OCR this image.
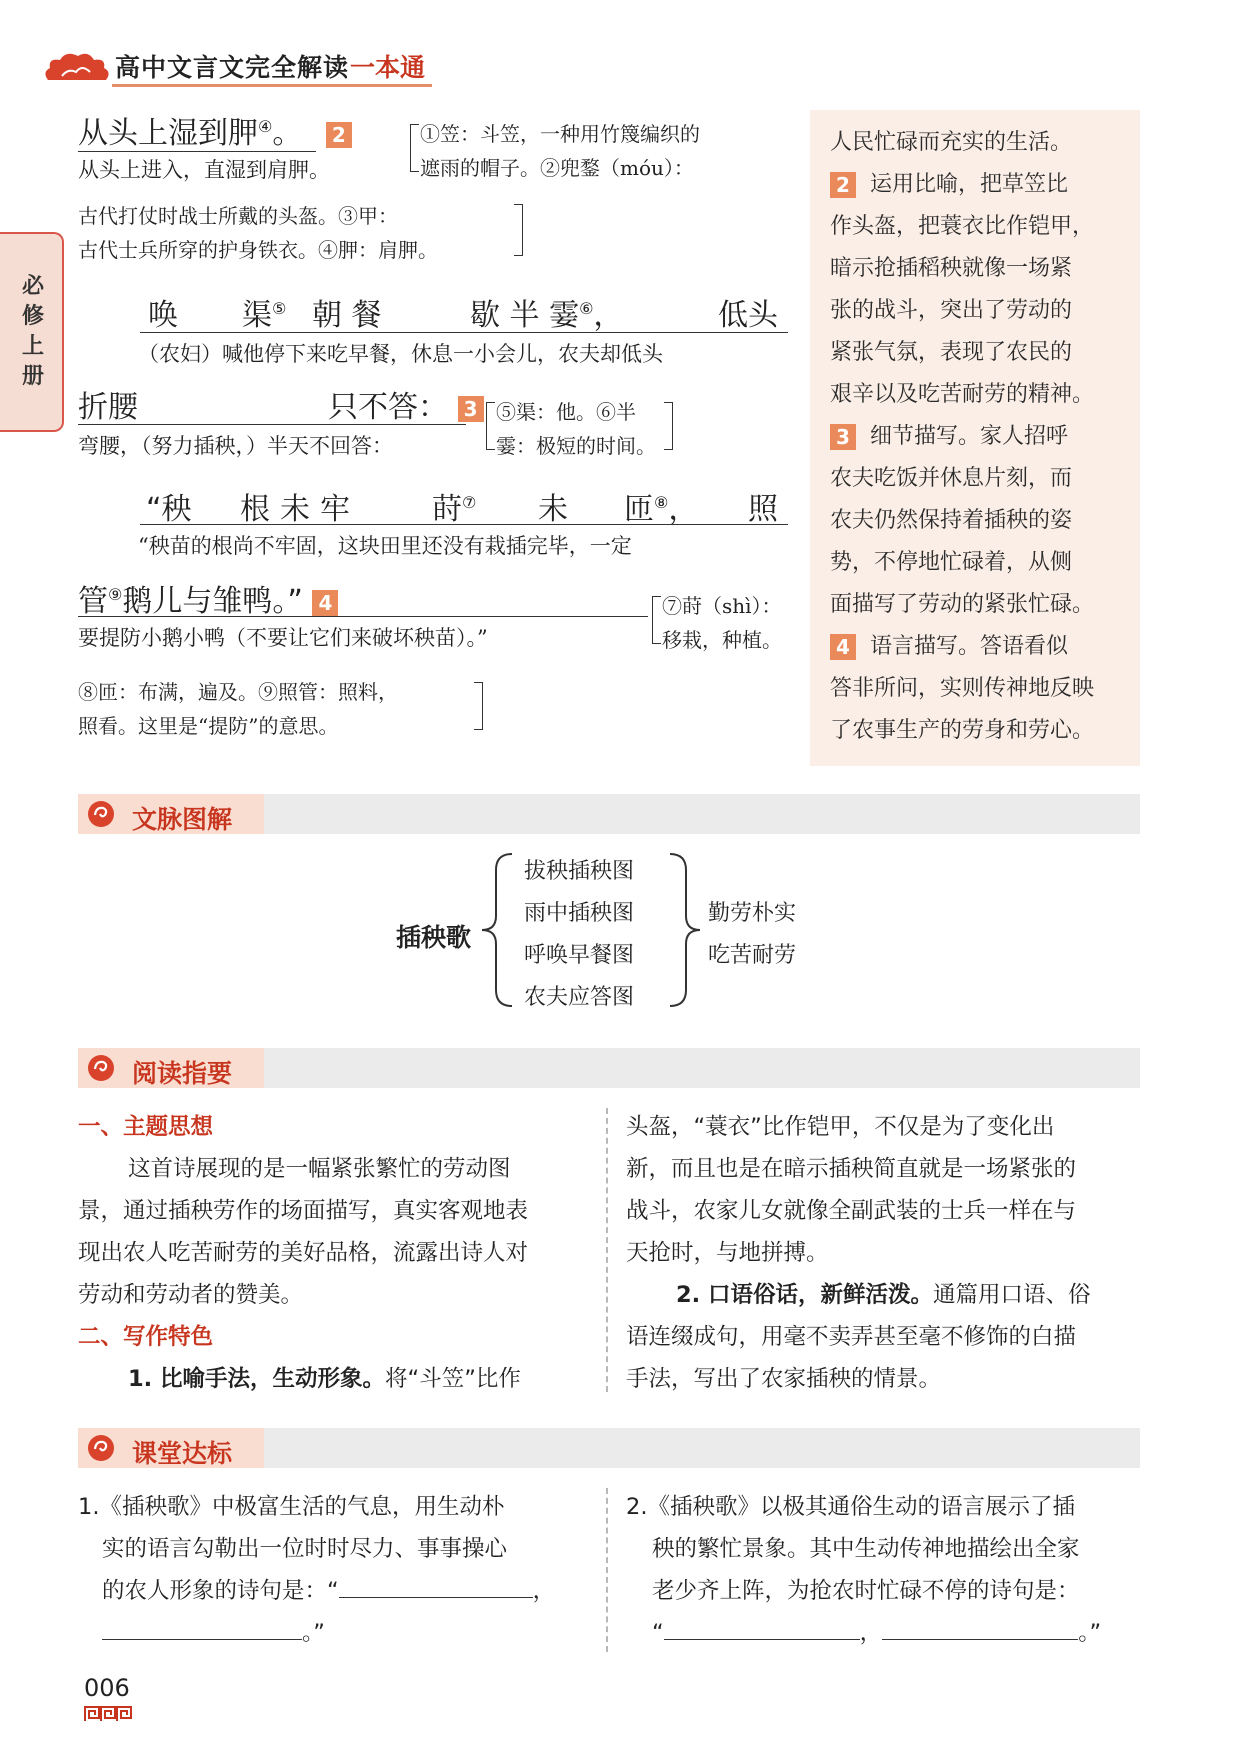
高中文言文完全解读 一本通
必修上册
从头上湿到胛④。 2
从头上进入，直湿到肩胛。
①笠：斗笠，一种用竹篾编织的
遮雨的帽子。②兜鍪（móu）：
古代打仗时战士所戴的头盔。③甲：
古代士兵所穿的护身铁衣。④胛：肩胛。
唤 渠⑤ 朝 餐	歇 半 霎⑥，	低头
（农妇）喊他停下来吃早餐，休息一小会儿，农夫却低头
折腰	只不答： 3
弯腰，（努力插秧，）半天不回答：
⑤渠：他。⑥半
霎：极短的时间。
“秧 根未牢 莳⑦ 未 匝⑧， 照
“秧苗的根尚不牢固，这块田里还没有栽插完毕，一定
管⑨鹅儿与雏鸭。” 4
要提防小鹅小鸭（不要让它们来破坏秧苗）。”
⑦莳（shì）：
移栽，种植。
⑧匝：布满，遍及。⑨照管：照料，
照看。这里是“提防”的意思。
人民忙碌而充实的生活。
2 运用比喻，把草笠比
作头盔，把蓑衣比作铠甲，
暗示抢插稻秧就像一场紧
张的战斗，突出了劳动的
紧张气氛，表现了农民的
艰辛以及吃苦耐劳的精神。
3 细节描写。家人招呼
农夫吃饭并休息片刻，而
农夫仍然保持着插秧的姿
势，不停地忙碌着，从侧
面描写了劳动的紧张忙碌。
4 语言描写。答语看似
答非所问，实则传神地反映
了农事生产的劳身和劳心。
文脉图解
插秧歌
拔秧插秧图
雨中插秧图
呼唤早餐图
农夫应答图
勤劳朴实
吃苦耐劳
阅读指要
一、主题思想
这首诗展现的是一幅紧张繁忙的劳动图
景，通过插秧劳作的场面描写，真实客观地表
现出农人吃苦耐劳的美好品格，流露出诗人对
劳动和劳动者的赞美。
二、写作特色
1. 比喻手法，生动形象。将“斗笠”比作
头盔，“蓑衣”比作铠甲，不仅是为了变化出
新，而且也是在暗示插秧简直就是一场紧张的
战斗，农家儿女就像全副武装的士兵一样在与
天抢时，与地拼搏。
2. 口语俗话，新鲜活泼。通篇用口语、俗
语连缀成句，用毫不卖弄甚至毫不修饰的白描
手法，写出了农家插秧的情景。
课堂达标
1.《插秧歌》中极富生活的气息，用生动朴
实的语言勾勒出一位时时尽力、事事操心
的农人形象的诗句是：“	，
。”
2.《插秧歌》以极其通俗生动的语言展示了插
秧的繁忙景象。其中生动传神地描绘出全家
老少齐上阵，为抢农时忙碌不停的诗句是：
“	，	。”
006
